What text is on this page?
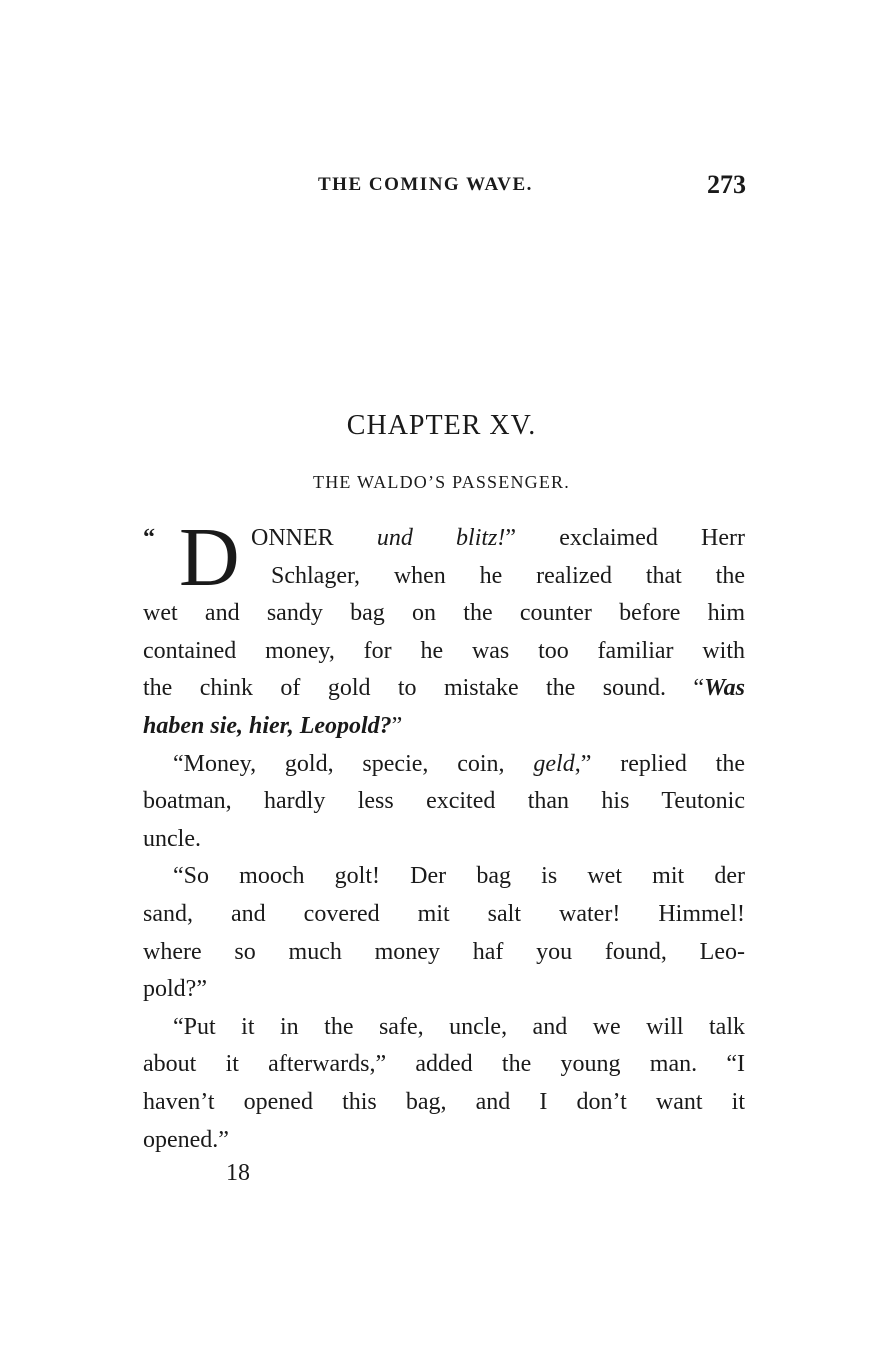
THE COMING WAVE.	273
CHAPTER XV.
THE WALDO’S PASSENGER.
“ D ONNER und blitz!” exclaimed Herr
Schlager, when he realized that the
wet and sandy bag on the counter before him
contained money, for he was too familiar with
the chink of gold to mistake the sound. “Was
haben sie, hier, Leopold?”
“Money, gold, specie, coin, geld,” replied the
boatman, hardly less excited than his Teutonic
uncle.
“So mooch golt! Der bag is wet mit der
sand, and covered mit salt water! Himmel!
where so much money haf you found, Leo-
pold?”
“Put it in the safe, uncle, and we will talk
about it afterwards,” added the young man. “I
haven’t opened this bag, and I don’t want it
opened.”
18
